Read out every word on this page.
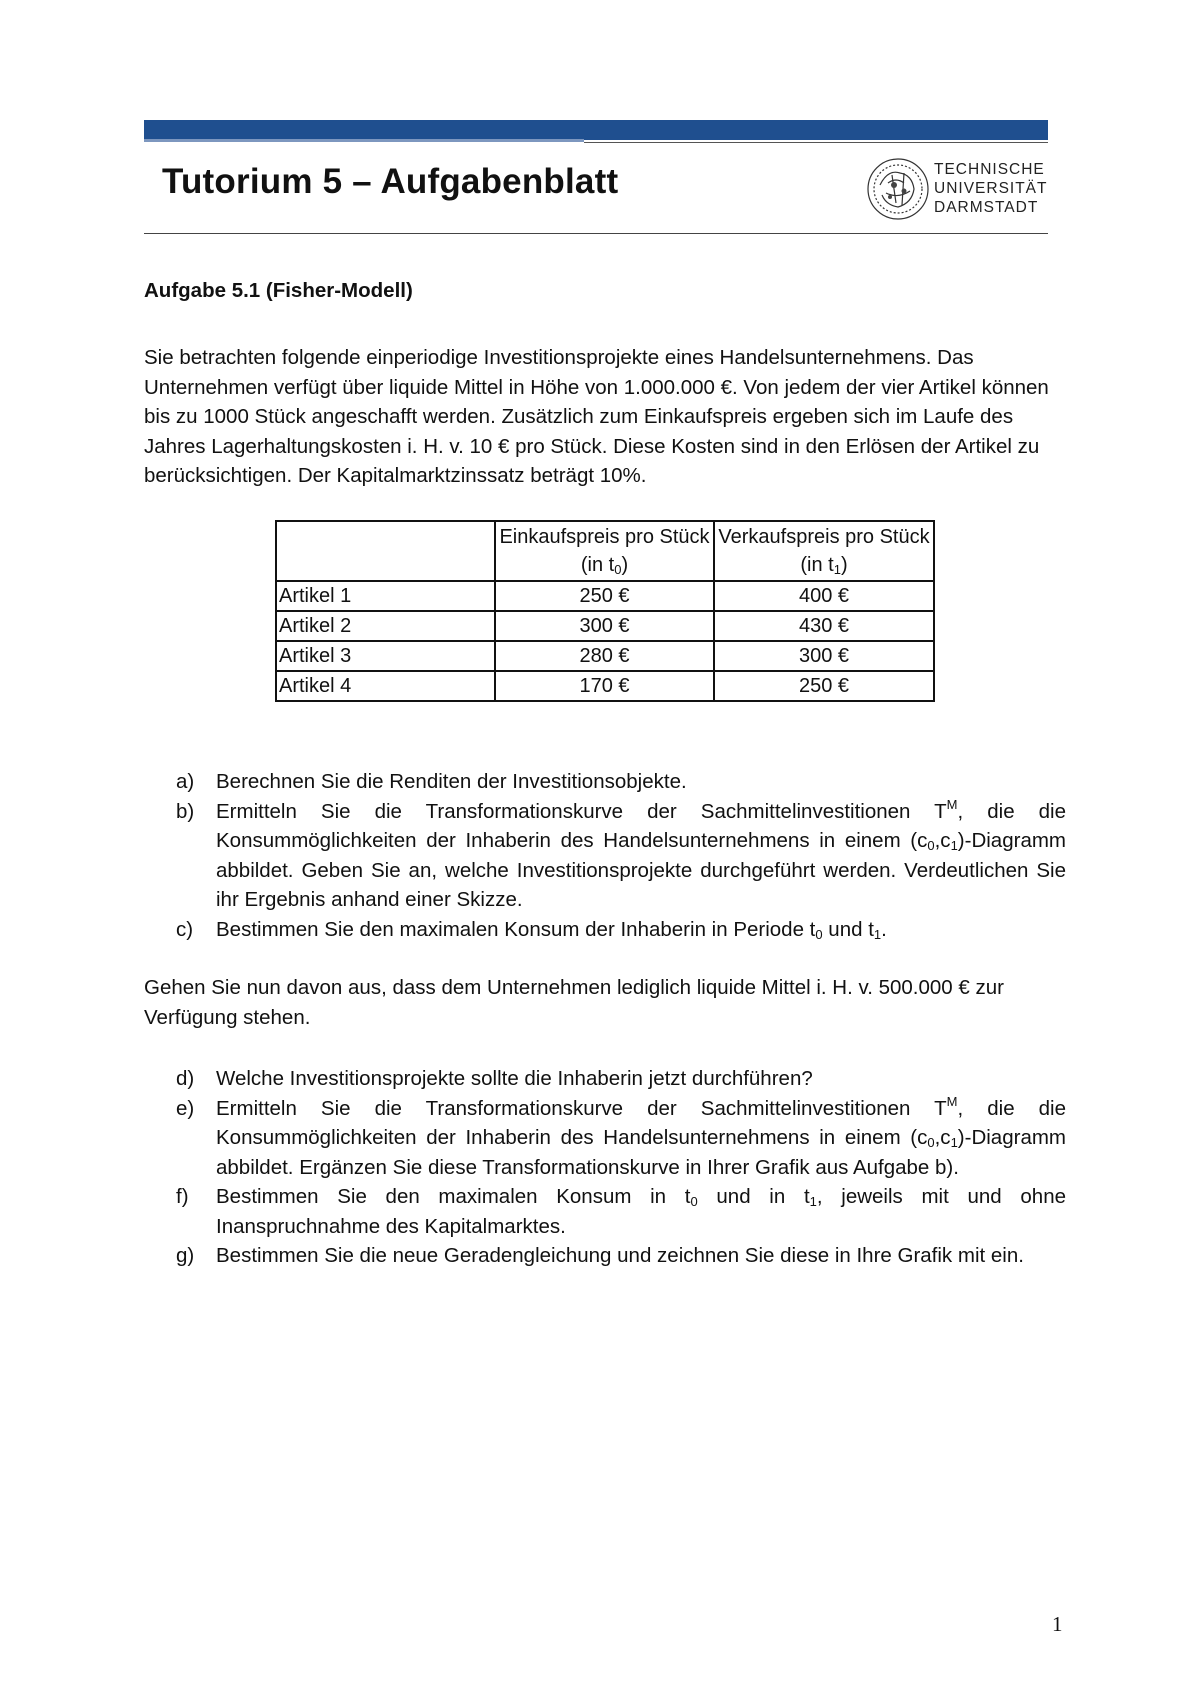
Tutorium 5 – Aufgabenblatt	TECHNISCHE
UNIVERSITÄT
DARMSTADT
Aufgabe 5.1 (Fisher-Modell)
Sie betrachten folgende einperiodige Investitionsprojekte eines Handelsunternehmens. Das Unternehmen verfügt über liquide Mittel in Höhe von 1.000.000 €. Von jedem der vier Artikel können bis zu 1000 Stück angeschafft werden. Zusätzlich zum Einkaufspreis ergeben sich im Laufe des Jahres Lagerhaltungskosten i. H. v. 10 € pro Stück. Diese Kosten sind in den Erlösen der Artikel zu berücksichtigen. Der Kapitalmarktzinssatz beträgt 10%.
	Einkaufspreis pro Stück (in $t_0$)	Verkaufspreis pro Stück (in $t_1$)
Artikel 1	250 €	400 €
Artikel 2	300 €	430 €
Artikel 3	280 €	300 €
Artikel 4	170 €	250 €
a) Berechnen Sie die Renditen der Investitionsobjekte.
b) Ermitteln Sie die Transformationskurve der Sachmittelinvestitionen $T^M$, die die Konsummöglichkeiten der Inhaberin des Handelsunternehmens in einem $(c_0,c_1)$-Diagramm abbildet. Geben Sie an, welche Investitionsprojekte durchgeführt werden. Verdeutlichen Sie ihr Ergebnis anhand einer Skizze.
c) Bestimmen Sie den maximalen Konsum der Inhaberin in Periode $t_0$ und $t_1$.
Gehen Sie nun davon aus, dass dem Unternehmen lediglich liquide Mittel i. H. v. 500.000 € zur Verfügung stehen.
d) Welche Investitionsprojekte sollte die Inhaberin jetzt durchführen?
e) Ermitteln Sie die Transformationskurve der Sachmittelinvestitionen $T^M$, die die Konsummöglichkeiten der Inhaberin des Handelsunternehmens in einem $(c_0,c_1)$-Diagramm abbildet. Ergänzen Sie diese Transformationskurve in Ihrer Grafik aus Aufgabe b).
f) Bestimmen Sie den maximalen Konsum in $t_0$ und in $t_1$, jeweils mit und ohne Inanspruchnahme des Kapitalmarktes.
g) Bestimmen Sie die neue Geradengleichung und zeichnen Sie diese in Ihre Grafik mit ein.
1
